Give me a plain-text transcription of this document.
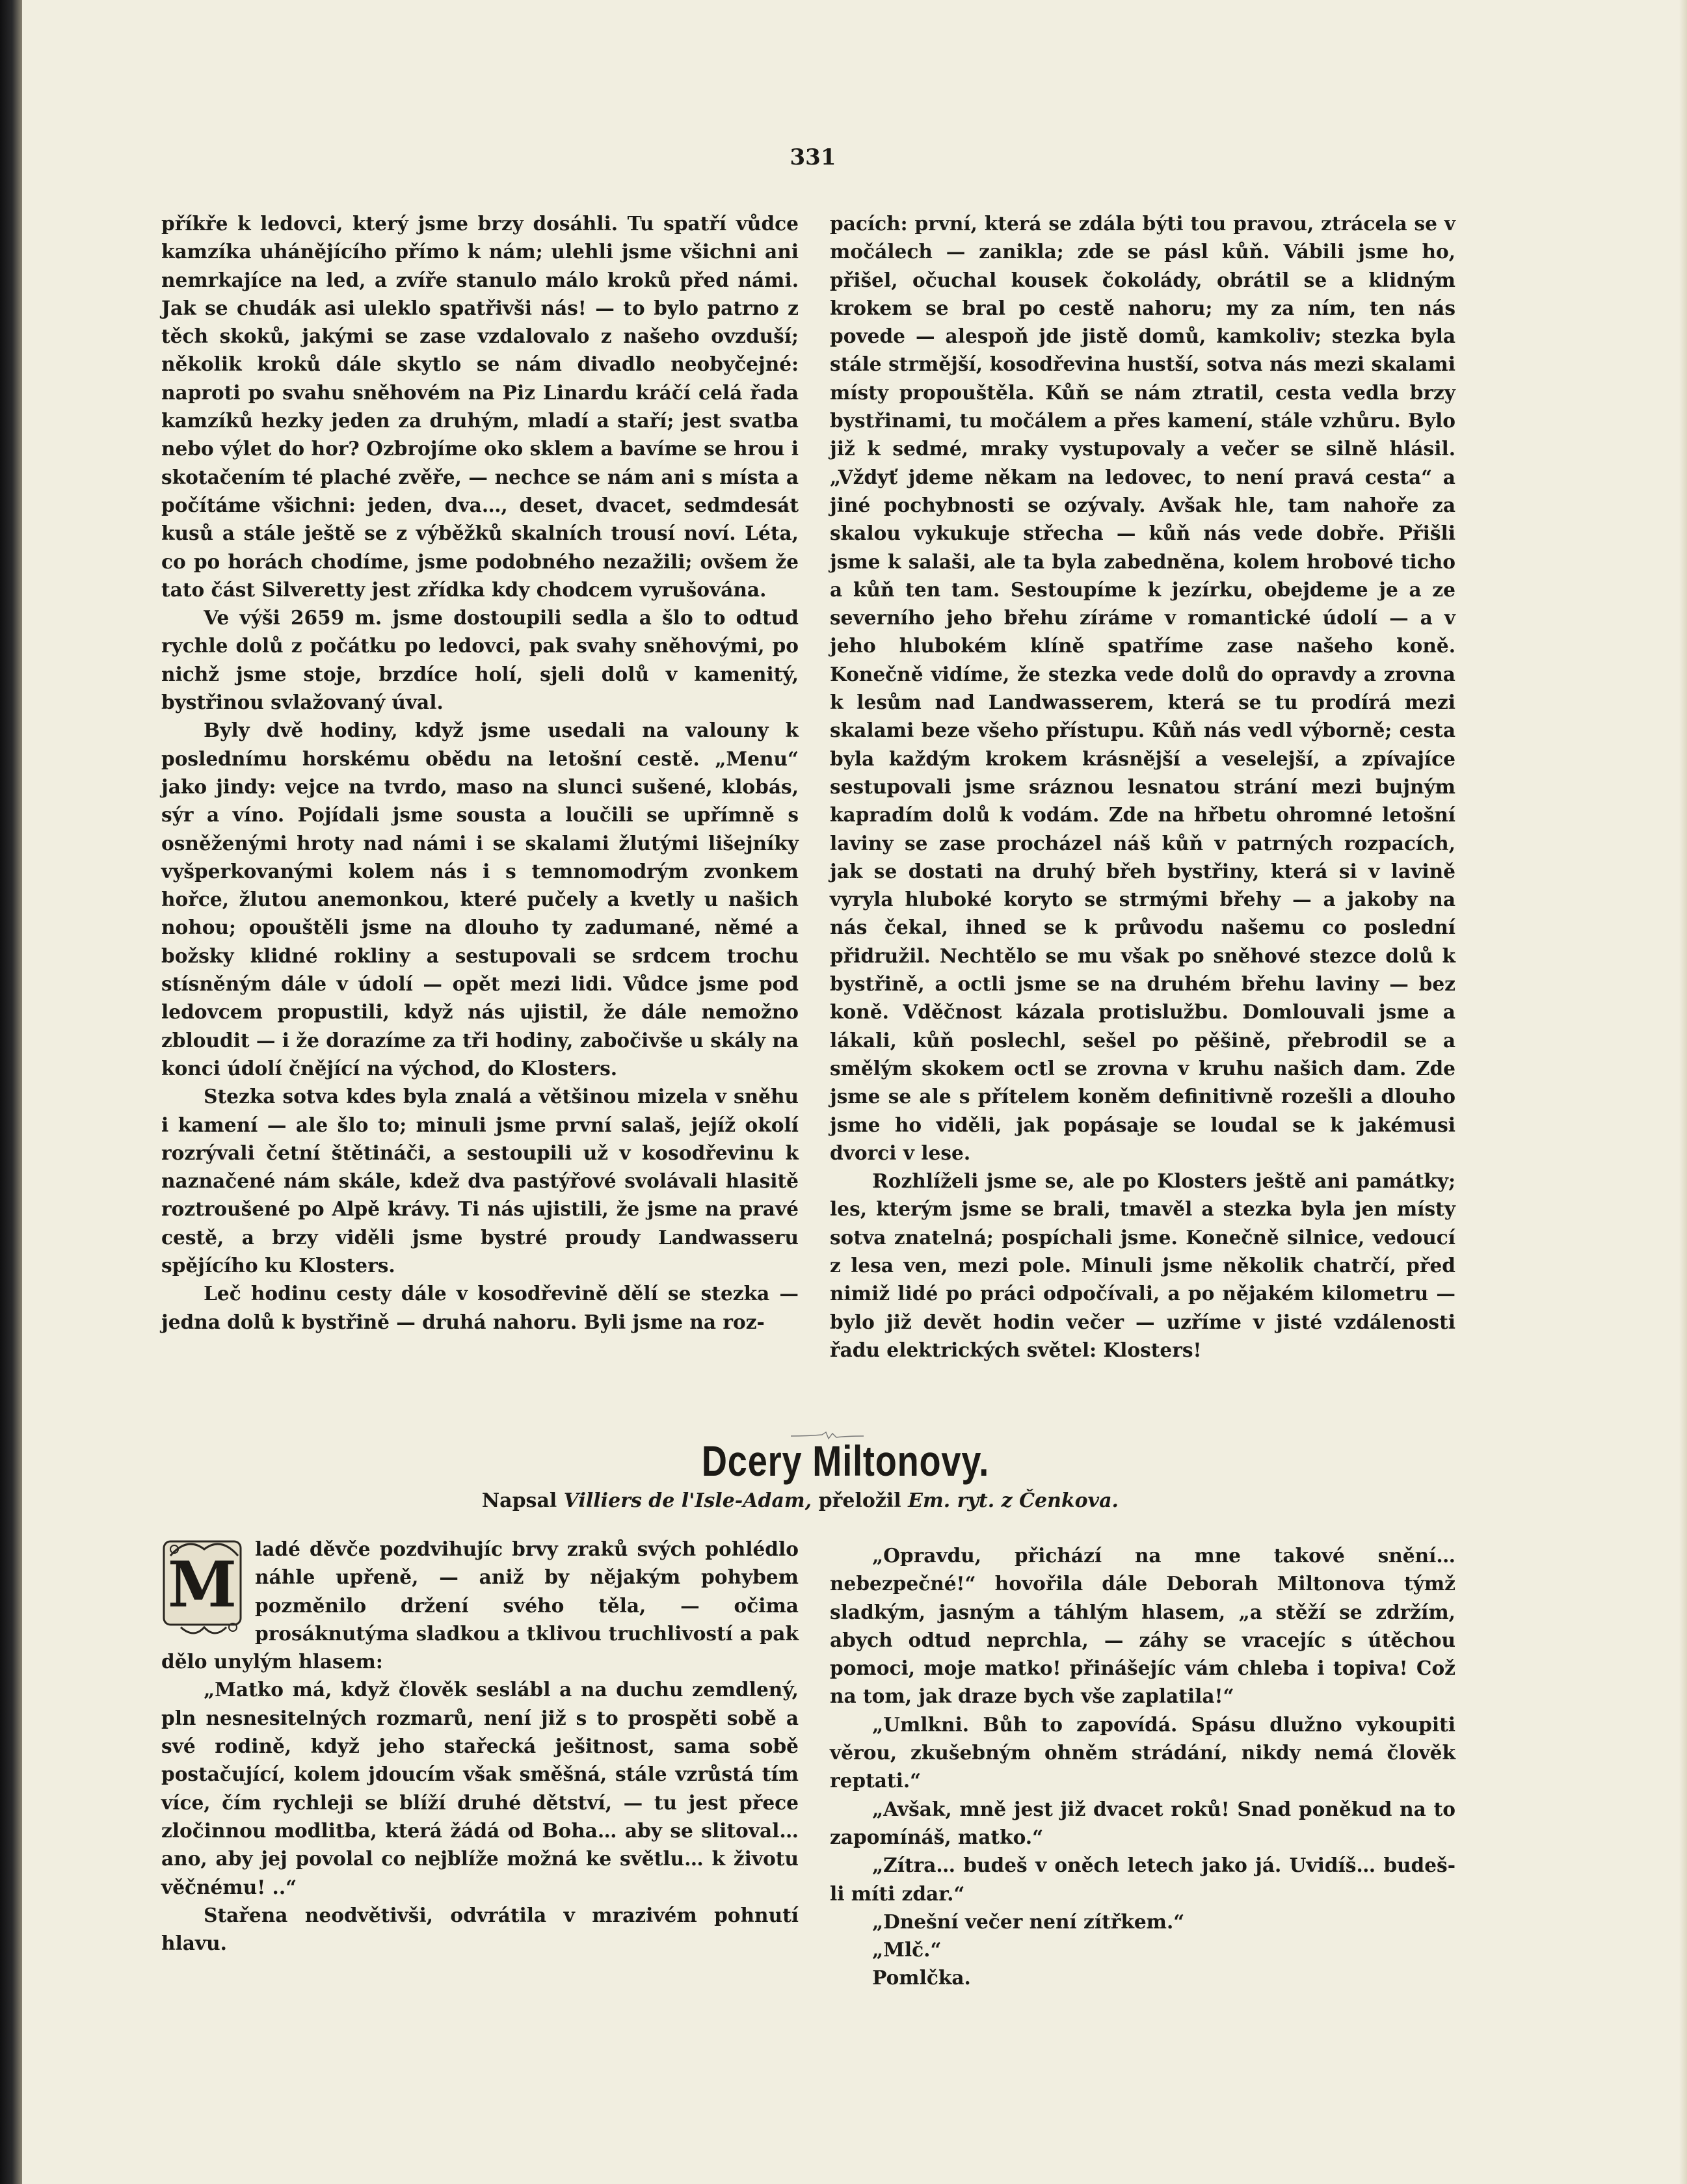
331

příkře k ledovci, který jsme brzy dosáhli. Tu spatří vůdce kamzíka uhánějícího přímo k nám; ulehli jsme všichni ani nemrkajíce na led, a zvíře stanulo málo kroků před námi. Jak se chudák asi uleklo spatřivši nás! — to bylo patrno z těch skoků, jakými se zase vzdalovalo z našeho ovzduší; několik kroků dále skytlo se nám divadlo neobyčejné: naproti po svahu sněhovém na Piz Linardu kráčí celá řada kamzíků hezky jeden za druhým, mladí a staří; jest svatba nebo výlet do hor? Ozbrojíme oko sklem a bavíme se hrou i skotačením té plaché zvěře, — nechce se nám ani s místa a počítáme všichni: jeden, dva…, deset, dvacet, sedmdesát kusů a stále ještě se z výběžků skalních trousí noví. Léta, co po horách chodíme, jsme podobného nezažili; ovšem že tato část Silveretty jest zřídka kdy chodcem vyrušována.

Ve výši 2659 m. jsme dostoupili sedla a šlo to odtud rychle dolů z počátku po ledovci, pak svahy sněhovými, po nichž jsme stoje, brzdíce holí, sjeli dolů v kamenitý, bystřinou svlažovaný úval.

Byly dvě hodiny, když jsme usedali na valouny k poslednímu horskému obědu na letošní cestě. „Menu“ jako jindy: vejce na tvrdo, maso na slunci sušené, klobás, sýr a víno. Pojídali jsme sousta a loučili se upřímně s osněženými hroty nad námi i se skalami žlutými lišejníky vyšperkovanými kolem nás i s temnomodrým zvonkem hořce, žlutou anemonkou, které pučely a kvetly u našich nohou; opouštěli jsme na dlouho ty zadumané, němé a božsky klidné rokliny a sestupovali se srdcem trochu stísněným dále v údolí — opět mezi lidi. Vůdce jsme pod ledovcem propustili, když nás ujistil, že dále nemožno zbloudit — i že dorazíme za tři hodiny, zabočivše u skály na konci údolí čnějící na východ, do Klosters.

Stezka sotva kdes byla znalá a většinou mizela v sněhu i kamení — ale šlo to; minuli jsme první salaš, jejíž okolí rozrývali četní štětináči, a sestoupili už v kosodřevinu k naznačené nám skále, kdež dva pastýřové svolávali hlasitě roztroušené po Alpě krávy. Ti nás ujistili, že jsme na pravé cestě, a brzy viděli jsme bystré proudy Landwasseru spějícího ku Klosters.

Leč hodinu cesty dále v kosodřevině dělí se stezka — jedna dolů k bystřině — druhá nahoru. Byli jsme na roz-

pacích: první, která se zdála býti tou pravou, ztrácela se v močálech — zanikla; zde se pásl kůň. Vábili jsme ho, přišel, očuchal kousek čokolády, obrátil se a klidným krokem se bral po cestě nahoru; my za ním, ten nás povede — alespoň jde jistě domů, kamkoliv; stezka byla stále strmější, kosodřevina hustší, sotva nás mezi skalami místy propouštěla. Kůň se nám ztratil, cesta vedla brzy bystřinami, tu močálem a přes kamení, stále vzhůru. Bylo již k sedmé, mraky vystupovaly a večer se silně hlásil. „Vždyť jdeme někam na ledovec, to není pravá cesta“ a jiné pochybnosti se ozývaly. Avšak hle, tam nahoře za skalou vykukuje střecha — kůň nás vede dobře. Přišli jsme k salaši, ale ta byla zabedněna, kolem hrobové ticho a kůň ten tam. Sestoupíme k jezírku, obejdeme je a ze severního jeho břehu zíráme v romantické údolí — a v jeho hlubokém klíně spatříme zase našeho koně. Konečně vidíme, že stezka vede dolů do opravdy a zrovna k lesům nad Landwasserem, která se tu prodírá mezi skalami beze všeho přístupu. Kůň nás vedl výborně; cesta byla každým krokem krásnější a veselejší, a zpívajíce sestupovali jsme sráznou lesnatou strání mezi bujným kapradím dolů k vodám. Zde na hřbetu ohromné letošní laviny se zase procházel náš kůň v patrných rozpacích, jak se dostati na druhý břeh bystřiny, která si v lavině vyryla hluboké koryto se strmými břehy — a jakoby na nás čekal, ihned se k průvodu našemu co poslední přidružil. Nechtělo se mu však po sněhové stezce dolů k bystřině, a octli jsme se na druhém břehu laviny — bez koně. Vděčnost kázala protislužbu. Domlouvali jsme a lákali, kůň poslechl, sešel po pěšině, přebrodil se a smělým skokem octl se zrovna v kruhu našich dam. Zde jsme se ale s přítelem koněm definitivně rozešli a dlouho jsme ho viděli, jak popásaje se loudal se k jakémusi dvorci v lese.

Rozhlíželi jsme se, ale po Klosters ještě ani památky; les, kterým jsme se brali, tmavěl a stezka byla jen místy sotva znatelná; pospíchali jsme. Konečně silnice, vedoucí z lesa ven, mezi pole. Minuli jsme několik chatrčí, před nimiž lidé po práci odpočívali, a po nějakém kilometru — bylo již devět hodin večer — uzříme v jisté vzdálenosti řadu elektrických světel: Klosters!

Dcery Miltonovy.
Napsal Villiers de l'Isle-Adam, přeložil Em. ryt. z Čenkova.
M ladé děvče pozdvihujíc brvy zraků svých pohlédlo náhle upřeně, — aniž by nějakým pohybem pozměnilo držení svého těla, — očima prosáknutýma sladkou a tklivou truchlivostí a pak dělo unylým hlasem:

„Matko má, když člověk seslábl a na duchu zemdlený, pln nesnesitelných rozmarů, není již s to prospěti sobě a své rodině, když jeho stařecká ješitnost, sama sobě postačující, kolem jdoucím však směšná, stále vzrůstá tím více, čím rychleji se blíží druhé dětství, — tu jest přece zločinnou modlitba, která žádá od Boha… aby se slitoval… ano, aby jej povolal co nejblíže možná ke světlu… k životu věčnému! ..“

Stařena neodvětivši, odvrátila v mrazivém pohnutí hlavu.

„Opravdu, přichází na mne takové snění… nebezpečné!“ hovořila dále Deborah Miltonova týmž sladkým, jasným a táhlým hlasem, „a stěží se zdržím, abych odtud neprchla, — záhy se vracejíc s útěchou pomoci, moje matko! přinášejíc vám chleba i topiva! Což na tom, jak draze bych vše zaplatila!“

„Umlkni. Bůh to zapovídá. Spásu dlužno vykoupiti věrou, zkušebným ohněm strádání, nikdy nemá člověk reptati.“

„Avšak, mně jest již dvacet roků! Snad poněkud na to zapomínáš, matko.“

„Zítra… budeš v oněch letech jako já. Uvidíš… budeš-li míti zdar.“

„Dnešní večer není zítřkem.“

„Mlč.“

Pomlčka.
